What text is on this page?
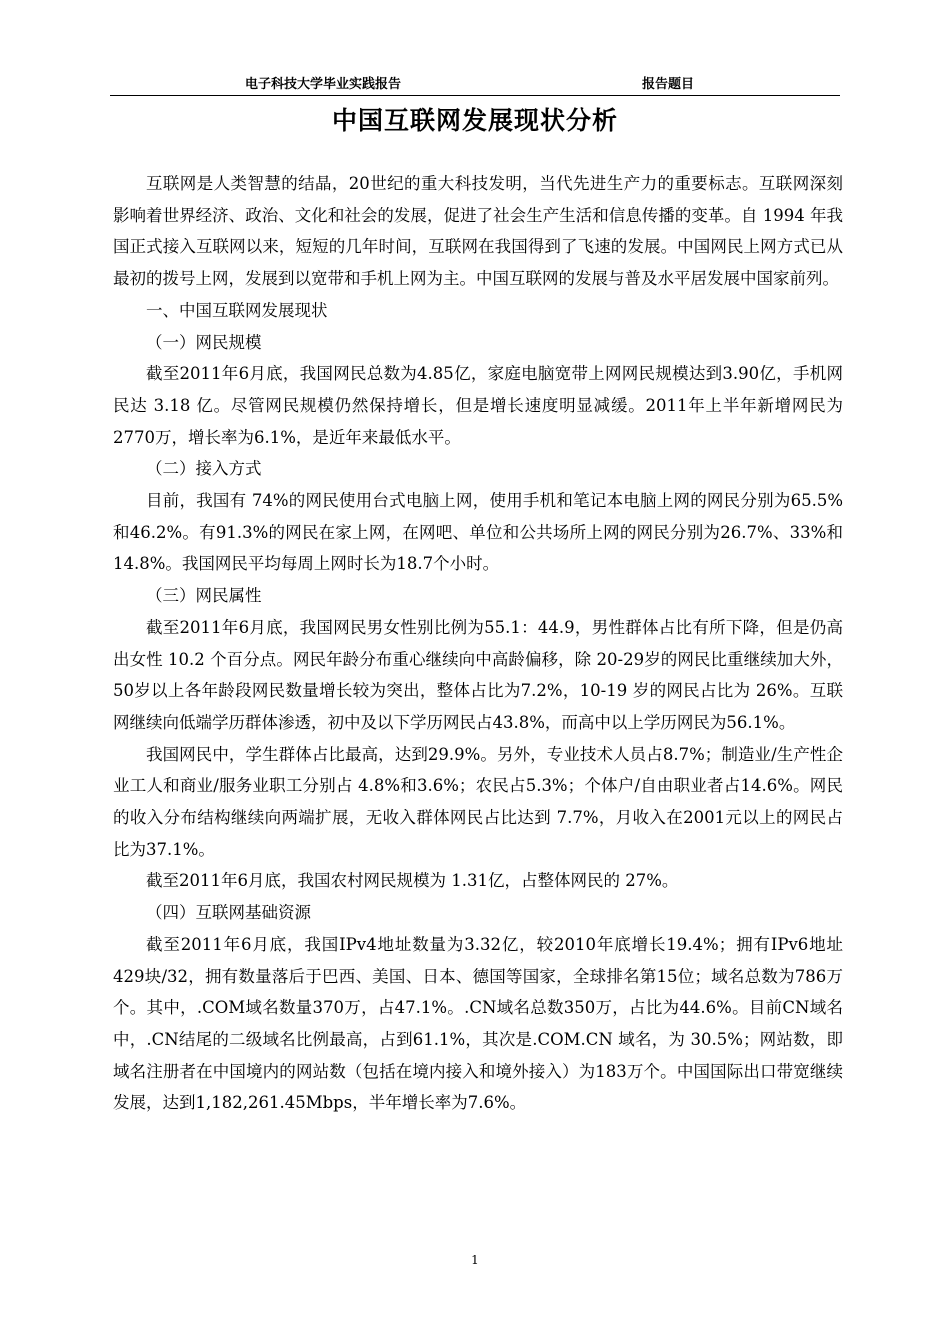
电子科技大学毕业实践报告	报告题目
中国互联网发展现状分析

互联网是人类智慧的结晶，20世纪的重大科技发明，当代先进生产力的重要标志。互联网深刻影响着世界经济、政治、文化和社会的发展，促进了社会生产生活和信息传播的变革。自 1994 年我国正式接入互联网以来，短短的几年时间，互联网在我国得到了飞速的发展。中国网民上网方式已从最初的拨号上网，发展到以宽带和手机上网为主。中国互联网的发展与普及水平居发展中国家前列。

一、中国互联网发展现状

（一）网民规模

截至2011年6月底，我国网民总数为4.85亿，家庭电脑宽带上网网民规模达到3.90亿，手机网民达 3.18 亿。尽管网民规模仍然保持增长，但是增长速度明显减缓。2011年上半年新增网民为2770万，增长率为6.1%，是近年来最低水平。

（二）接入方式

目前，我国有 74%的网民使用台式电脑上网，使用手机和笔记本电脑上网的网民分别为65.5%和46.2%。有91.3%的网民在家上网，在网吧、单位和公共场所上网的网民分别为26.7%、33%和 14.8%。我国网民平均每周上网时长为18.7个小时。

（三）网民属性

截至2011年6月底，我国网民男女性别比例为55.1：44.9，男性群体占比有所下降，但是仍高出女性 10.2 个百分点。网民年龄分布重心继续向中高龄偏移，除 20-29岁的网民比重继续加大外，50岁以上各年龄段网民数量增长较为突出，整体占比为7.2%，10-19 岁的网民占比为 26%。互联网继续向低端学历群体渗透，初中及以下学历网民占43.8%，而高中以上学历网民为56.1%。

我国网民中，学生群体占比最高，达到29.9%。另外，专业技术人员占8.7%；制造业/生产性企业工人和商业/服务业职工分别占 4.8%和3.6%；农民占5.3%；个体户/自由职业者占14.6%。网民的收入分布结构继续向两端扩展，无收入群体网民占比达到 7.7%，月收入在2001元以上的网民占比为37.1%。

截至2011年6月底，我国农村网民规模为 1.31亿，占整体网民的 27%。

（四）互联网基础资源

截至2011年6月底，我国IPv4地址数量为3.32亿，较2010年底增长19.4%；拥有IPv6地址429块/32，拥有数量落后于巴西、美国、日本、德国等国家，全球排名第15位；域名总数为786万个。其中，.COM域名数量370万，占47.1%。.CN域名总数350万，占比为44.6%。目前CN域名中，.CN结尾的二级域名比例最高，占到61.1%，其次是.COM.CN 域名，为 30.5%；网站数，即域名注册者在中国境内的网站数（包括在境内接入和境外接入）为183万个。中国国际出口带宽继续发展，达到1,182,261.45Mbps，半年增长率为7.6%。

1
